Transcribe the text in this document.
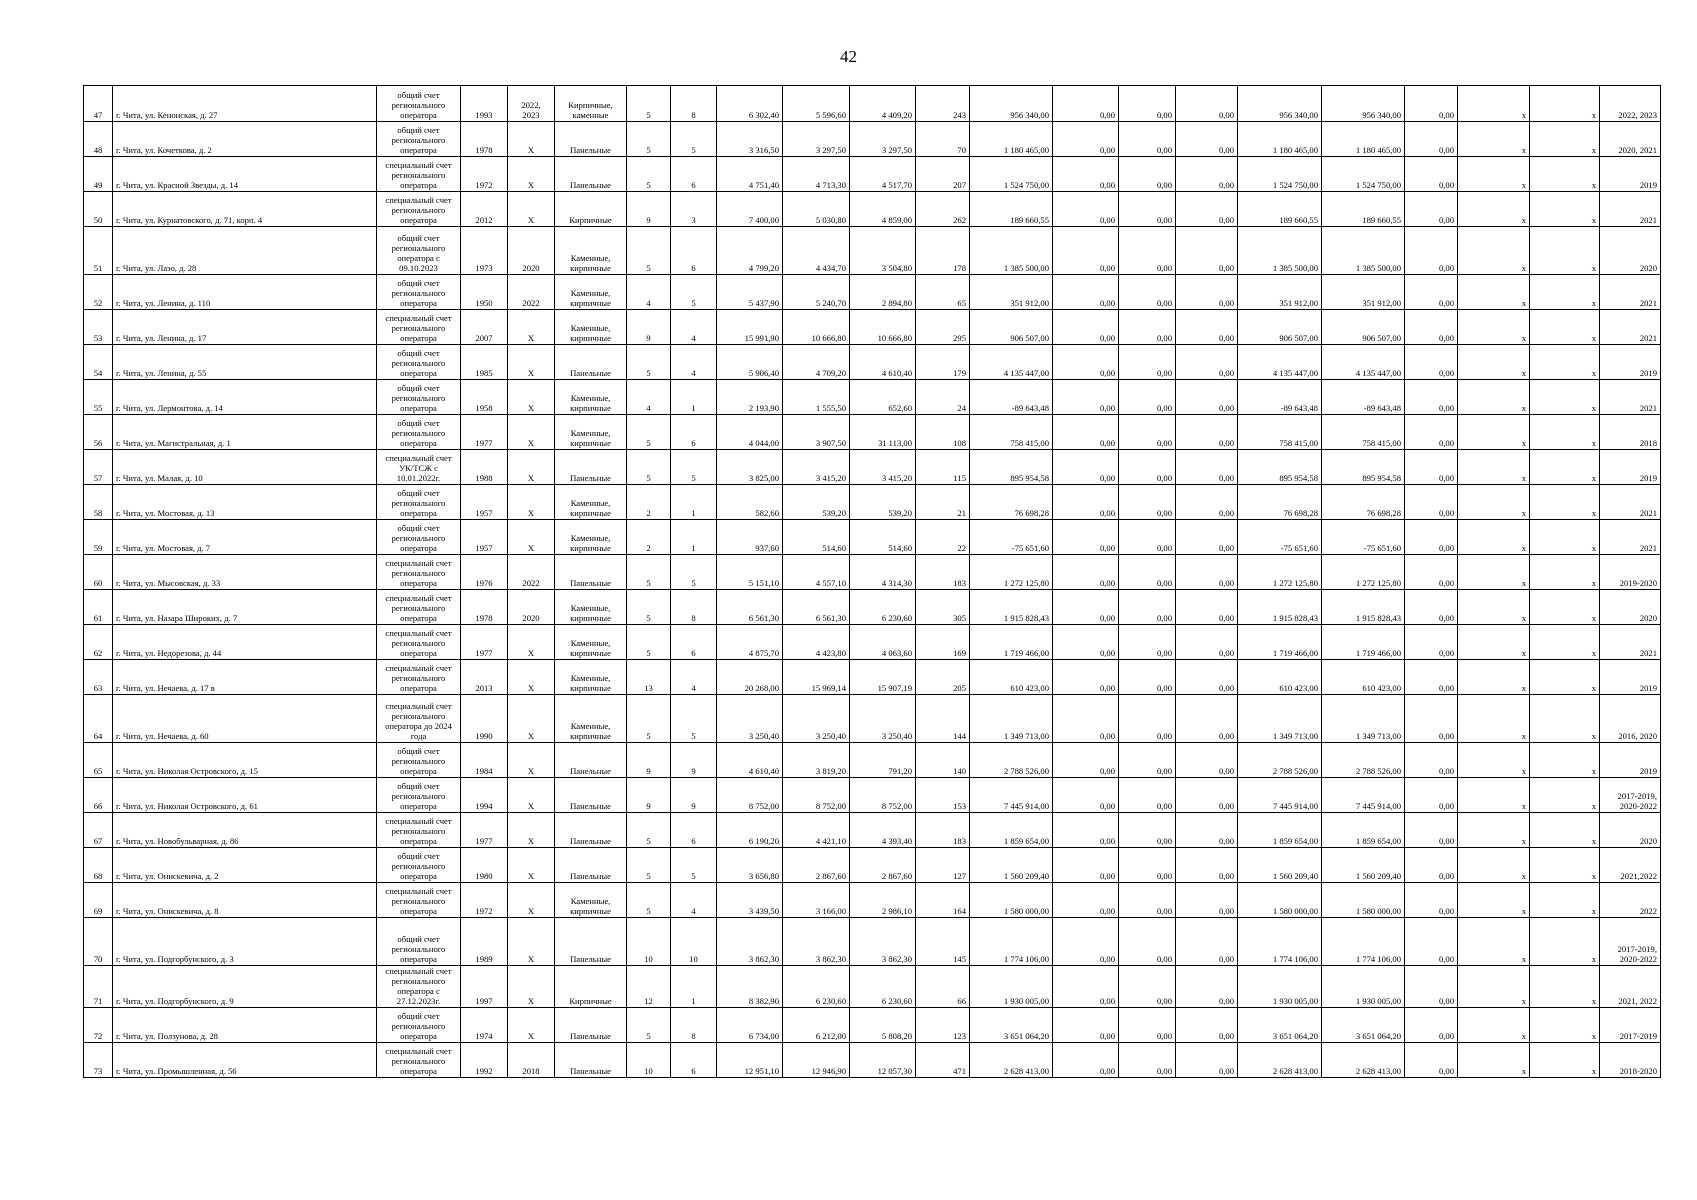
42
47	г. Чита, ул. Кенонская, д. 27	общий счет
регионального
оператора	1993	2022,
2023	Кирпичные,
каменные	5	8	6 302,40	5 596,60	4 409,20	243	956 340,00	0,00	0,00	0,00	956 340,00	956 340,00	0,00	x	x	2022, 2023
48	г. Чита, ул. Кочеткова, д. 2	общий счет
регионального
оператора	1978	X	Панельные	5	5	3 316,50	3 297,50	3 297,50	70	1 180 465,00	0,00	0,00	0,00	1 180 465,00	1 180 465,00	0,00	x	x	2020, 2021
49	г. Чита, ул. Красной Звезды, д. 14	специальный счет
регионального
оператора	1972	X	Панельные	5	6	4 751,40	4 713,30	4 517,70	207	1 524 750,00	0,00	0,00	0,00	1 524 750,00	1 524 750,00	0,00	x	x	2019
50	г. Чита, ул. Курнатовского, д. 71, корп. 4	специальный счет
регионального
оператора	2012	X	Кирпичные	9	3	7 400,00	5 030,80	4 859,00	262	189 660,55	0,00	0,00	0,00	189 660,55	189 660,55	0,00	x	x	2021
51	г. Чита, ул. Лазо, д. 28	общий счет
регионального
оператора с
09.10.2023	1973	2020	Каменные,
кирпичные	5	6	4 799,20	4 434,70	3 504,80	178	1 385 500,00	0,00	0,00	0,00	1 385 500,00	1 385 500,00	0,00	x	x	2020
52	г. Чита, ул. Ленина, д. 110	общий счет
регионального
оператора	1950	2022	Каменные,
кирпичные	4	5	5 437,90	5 240,70	2 894,80	65	351 912,00	0,00	0,00	0,00	351 912,00	351 912,00	0,00	x	x	2021
53	г. Чита, ул. Ленина, д. 17	специальный счет
регионального
оператора	2007	X	Каменные,
кирпичные	9	4	15 991,90	10 666,80	10 666,80	295	906 507,00	0,00	0,00	0,00	906 507,00	906 507,00	0,00	x	x	2021
54	г. Чита, ул. Ленина, д. 55	общий счет
регионального
оператора	1985	X	Панельные	5	4	5 906,40	4 709,20	4 610,40	179	4 135 447,00	0,00	0,00	0,00	4 135 447,00	4 135 447,00	0,00	x	x	2019
55	г. Чита, ул. Лермонтова, д. 14	общий счет
регионального
оператора	1958	X	Каменные,
кирпичные	4	1	2 193,90	1 555,50	652,60	24	-89 643,48	0,00	0,00	0,00	-89 643,48	-89 643,48	0,00	x	x	2021
56	г. Чита, ул. Магистральная, д. 1	общий счет
регионального
оператора	1977	X	Каменные,
кирпичные	5	6	4 044,00	3 907,50	31 113,00	108	758 415,00	0,00	0,00	0,00	758 415,00	758 415,00	0,00	x	x	2018
57	г. Чита, ул. Малая, д. 10	специальный счет
УК/ТСЖ с
10.01.2022г.	1988	X	Панельные	5	5	3 825,00	3 415,20	3 415,20	115	895 954,58	0,00	0,00	0,00	895 954,58	895 954,58	0,00	x	x	2019
58	г. Чита, ул. Мостовая, д. 13	общий счет
регионального
оператора	1957	X	Каменные,
кирпичные	2	1	582,60	539,20	539,20	21	76 698,28	0,00	0,00	0,00	76 698,28	76 698,28	0,00	x	x	2021
59	г. Чита, ул. Мостовая, д. 7	общий счет
регионального
оператора	1957	X	Каменные,
кирпичные	2	1	937,60	514,60	514,60	22	-75 651,60	0,00	0,00	0,00	-75 651,60	-75 651,60	0,00	x	x	2021
60	г. Чита, ул. Мысовская, д. 33	специальный счет
регионального
оператора	1976	2022	Панельные	5	5	5 151,10	4 557,10	4 314,30	183	1 272 125,80	0,00	0,00	0,00	1 272 125,80	1 272 125,80	0,00	x	x	2019-2020
61	г. Чита, ул. Назара Широких, д. 7	специальный счет
регионального
оператора	1978	2020	Каменные,
кирпичные	5	8	6 561,30	6 561,30	6 230,60	305	1 915 828,43	0,00	0,00	0,00	1 915 828,43	1 915 828,43	0,00	x	x	2020
62	г. Чита, ул. Недорезова, д. 44	специальный счет
регионального
оператора	1977	X	Каменные,
кирпичные	5	6	4 875,70	4 423,80	4 063,60	169	1 719 466,00	0,00	0,00	0,00	1 719 466,00	1 719 466,00	0,00	x	x	2021
63	г. Чита, ул. Нечаева, д. 17 в	специальный счет
регионального
оператора	2013	X	Каменные,
кирпичные	13	4	20 268,00	15 969,14	15 907,19	205	610 423,00	0,00	0,00	0,00	610 423,00	610 423,00	0,00	x	x	2019
64	г. Чита, ул. Нечаева, д. 60	специальный счет
регионального
оператора до 2024
года	1990	X	Каменные,
кирпичные	5	5	3 250,40	3 250,40	3 250,40	144	1 349 713,00	0,00	0,00	0,00	1 349 713,00	1 349 713,00	0,00	x	x	2016, 2020
65	г. Чита, ул. Николая Островского, д. 15	общий счет
регионального
оператора	1984	X	Панельные	9	9	4 610,40	3 819,20	791,20	140	2 788 526,00	0,00	0,00	0,00	2 788 526,00	2 788 526,00	0,00	x	x	2019
66	г. Чита, ул. Николая Островского, д. 61	общий счет
регионального
оператора	1994	X	Панельные	9	9	8 752,00	8 752,00	8 752,00	153	7 445 914,00	0,00	0,00	0,00	7 445 914,00	7 445 914,00	0,00	x	x	2017-2019,
2020-2022
67	г. Чита, ул. Новобульварная, д. 86	специальный счет
регионального
оператора	1977	X	Панельные	5	6	6 190,20	4 421,10	4 393,40	183	1 859 654,00	0,00	0,00	0,00	1 859 654,00	1 859 654,00	0,00	x	x	2020
68	г. Чита, ул. Онискевича, д. 2	общий счет
регионального
оператора	1980	X	Панельные	5	5	3 656,80	2 867,60	2 867,60	127	1 560 209,40	0,00	0,00	0,00	1 560 209,40	1 560 209,40	0,00	x	x	2021,2022
69	г. Чита, ул. Онискевича, д. 8	специальный счет
регионального
оператора	1972	X	Каменные,
кирпичные	5	4	3 439,50	3 166,00	2 986,10	164	1 580 000,00	0,00	0,00	0,00	1 580 000,00	1 580 000,00	0,00	x	x	2022
70	г. Чита, ул. Подгорбунского, д. 3	общий счет
регионального
оператора	1989	X	Панельные	10	10	3 862,30	3 862,30	3 862,30	145	1 774 106,00	0,00	0,00	0,00	1 774 106,00	1 774 106,00	0,00	x	x	2017-2019,
2020-2022
71	г. Чита, ул. Подгорбунского, д. 9	специальный счет
регионального
оператора с
27.12.2023г.	1997	X	Кирпичные	12	1	8 382,90	6 230,60	6 230,60	66	1 930 005,00	0,00	0,00	0,00	1 930 005,00	1 930 005,00	0,00	x	x	2021, 2022
72	г. Чита, ул. Ползунова, д. 28	общий счет
регионального
оператора	1974	X	Панельные	5	8	6 734,00	6 212,00	5 808,20	123	3 651 064,20	0,00	0,00	0,00	3 651 064,20	3 651 064,20	0,00	x	x	2017-2019
73	г. Чита, ул. Промышленная, д. 56	специальный счет
регионального
оператора	1992	2018	Панельные	10	6	12 951,10	12 946,90	12 057,30	471	2 628 413,00	0,00	0,00	0,00	2 628 413,00	2 628 413,00	0,00	x	x	2018-2020
